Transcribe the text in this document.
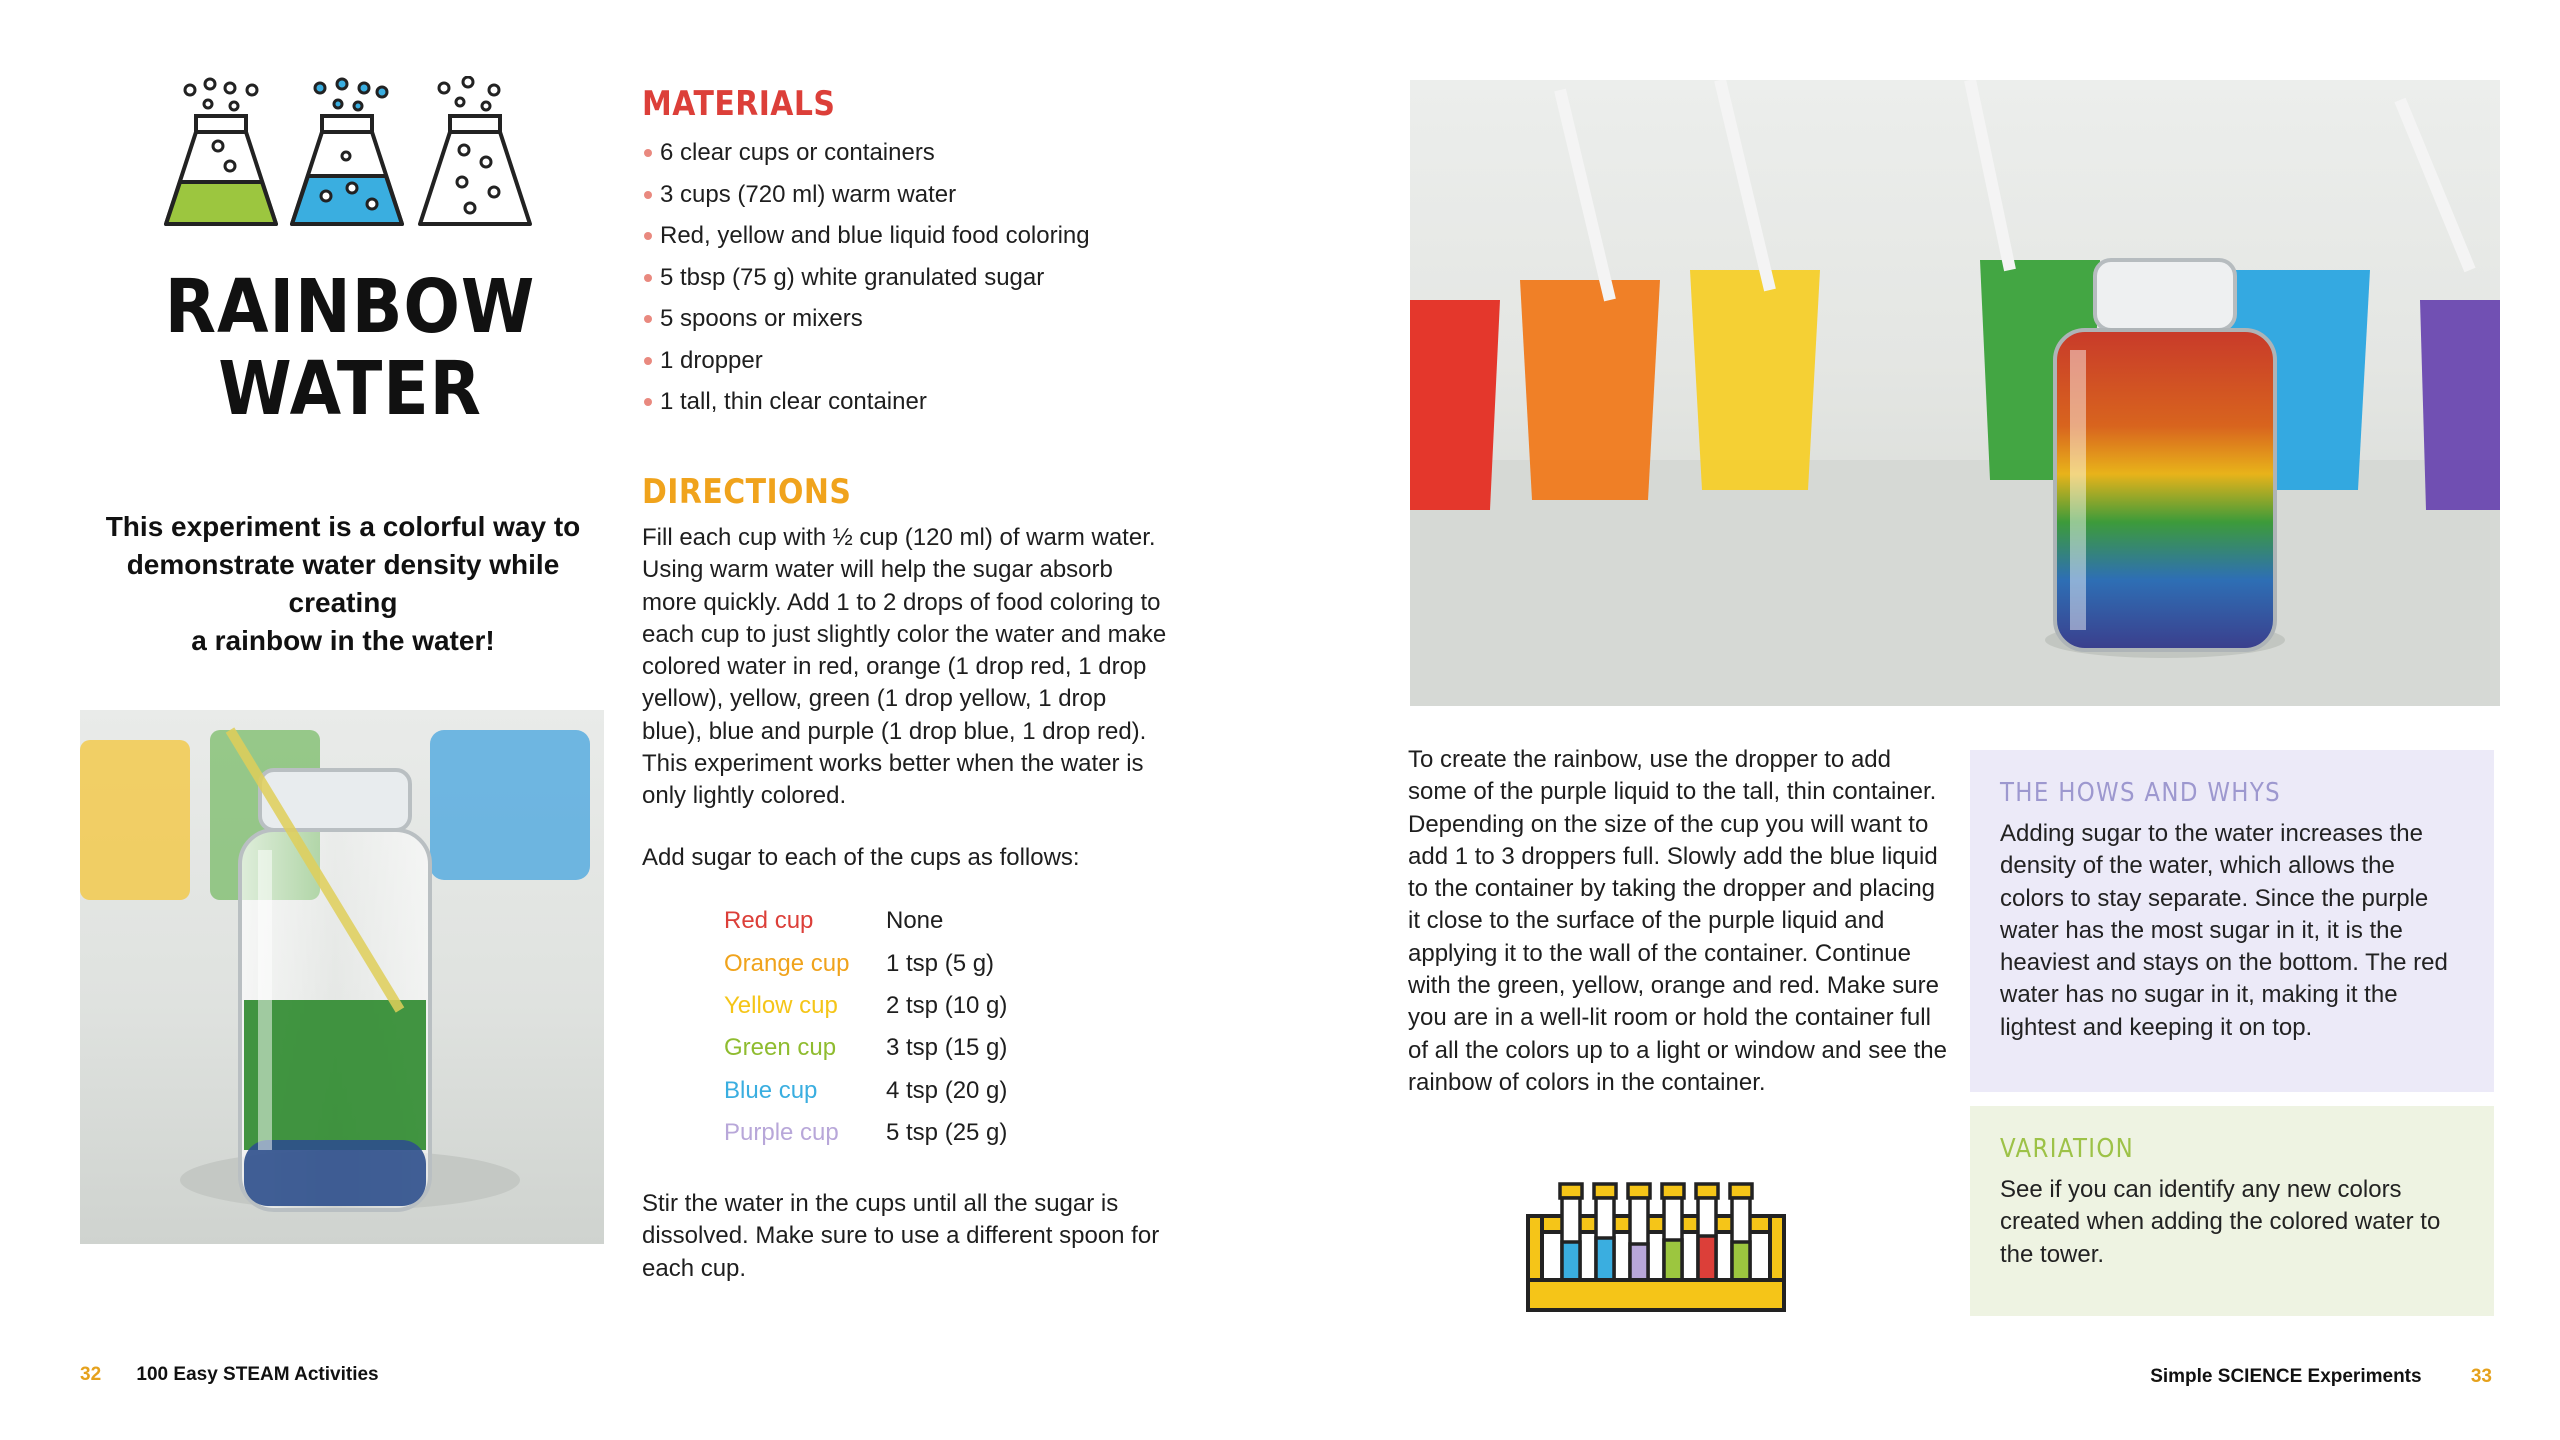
RAINBOW
WATER
This experiment is a colorful way to
demonstrate water density while creating
a rainbow in the water!
MATERIALS
6 clear cups or containers
3 cups (720 ml) warm water
Red, yellow and blue liquid food coloring
5 tbsp (75 g) white granulated sugar
5 spoons or mixers
1 dropper
1 tall, thin clear container
DIRECTIONS
Fill each cup with ½ cup (120 ml) of warm water. Using warm water will help the sugar absorb more quickly. Add 1 to 2 drops of food coloring to each cup to just slightly color the water and make colored water in red, orange (1 drop red, 1 drop yellow), yellow, green (1 drop yellow, 1 drop blue), blue and purple (1 drop blue, 1 drop red). This experiment works better when the water is only lightly colored.
Add sugar to each of the cups as follows:
Red cup	None
Orange cup	1 tsp (5 g)
Yellow cup	2 tsp (10 g)
Green cup	3 tsp (15 g)
Blue cup	4 tsp (20 g)
Purple cup	5 tsp (25 g)
Stir the water in the cups until all the sugar is dissolved. Make sure to use a different spoon for each cup.
To create the rainbow, use the dropper to add some of the purple liquid to the tall, thin container. Depending on the size of the cup you will want to add 1 to 3 droppers full. Slowly add the blue liquid to the container by taking the dropper and placing it close to the surface of the purple liquid and applying it to the wall of the container. Continue with the green, yellow, orange and red. Make sure you are in a well-lit room or hold the container full of all the colors up to a light or window and see the rainbow of colors in the container.
THE HOWS AND WHYS
Adding sugar to the water increases the density of the water, which allows the colors to stay separate. Since the purple water has the most sugar in it, it is the heaviest and stays on the bottom. The red water has no sugar in it, making it the lightest and keeping it on top.
VARIATION
See if you can identify any new colors created when adding the colored water to the tower.
32 100 Easy STEAM Activities	Simple SCIENCE Experiments	33
